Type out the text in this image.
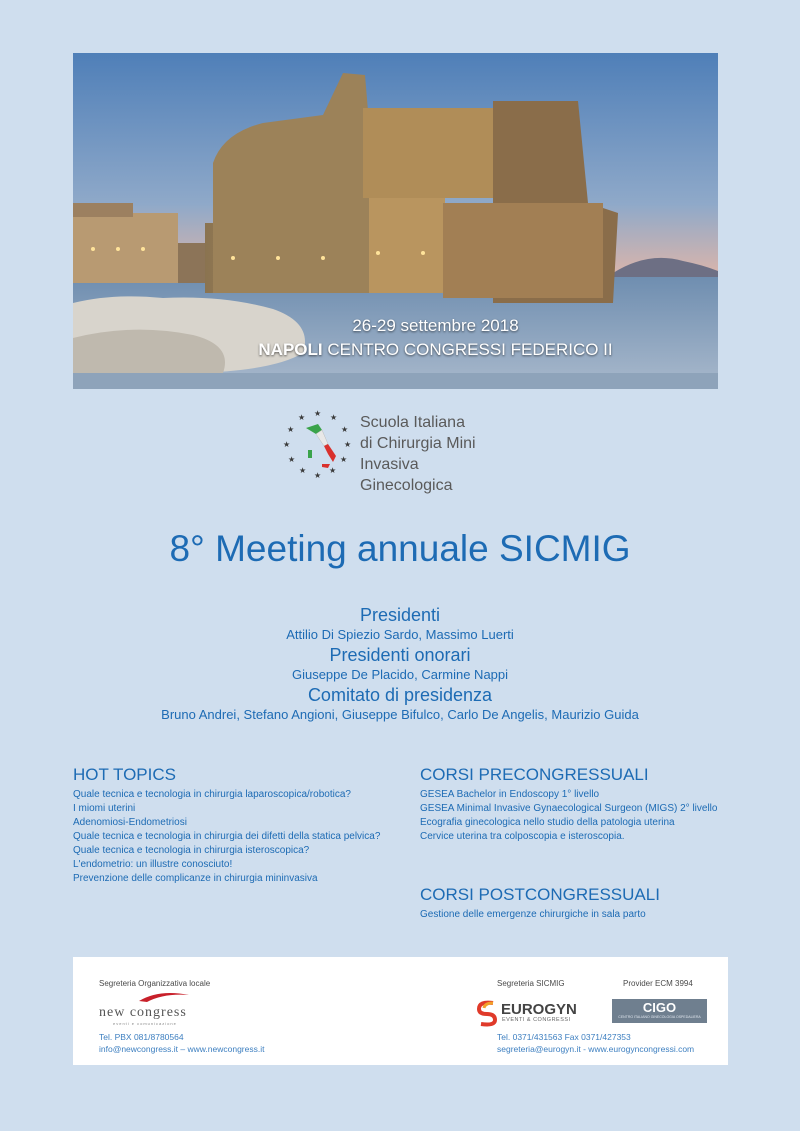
26-29 settembre 2018
NAPOLI CENTRO CONGRESSI FEDERICO II
★ ★
★
★
★
★
★
★
★
★
★
★	Scuola Italiana
di Chirurgia Mini Invasiva
Ginecologica
8° Meeting annuale SICMIG
Presidenti
Attilio Di Spiezio Sardo, Massimo Luerti
Presidenti onorari
Giuseppe De Placido, Carmine Nappi
Comitato di presidenza
Bruno Andrei, Stefano Angioni, Giuseppe Bifulco, Carlo De Angelis, Maurizio Guida
HOT TOPICS
Quale tecnica e tecnologia in chirurgia laparoscopica/robotica?
I miomi uterini
Adenomiosi-Endometriosi
Quale tecnica e tecnologia in chirurgia dei difetti della statica pelvica?
Quale tecnica e tecnologia in chirurgia isteroscopica?
L'endometrio: un illustre conosciuto!
Prevenzione delle complicanze in chirurgia mininvasiva
CORSI PRECONGRESSUALI
GESEA Bachelor in Endoscopy 1° livello
GESEA Minimal Invasive Gynaecological Surgeon (MIGS) 2° livello
Ecografia ginecologica nello studio della patologia uterina
Cervice uterina tra colposcopia e isteroscopia.
CORSI POSTCONGRESSUALI
Gestione delle emergenze chirurgiche in sala parto
Segreteria Organizzativa locale
new congress
eventi e comunicazione
Tel. PBX 081/8780564
info@newcongress.it – www.newcongress.it
Segreteria SICMIG	Provider ECM 3994
EUROGYN
EVENTI & CONGRESSI
CIGO
CENTRO ITALIANO GINECOLOGIA OSPEDALIERA
Tel. 0371/431563 Fax 0371/427353
segreteria@eurogyn.it - www.eurogyncongressi.com
